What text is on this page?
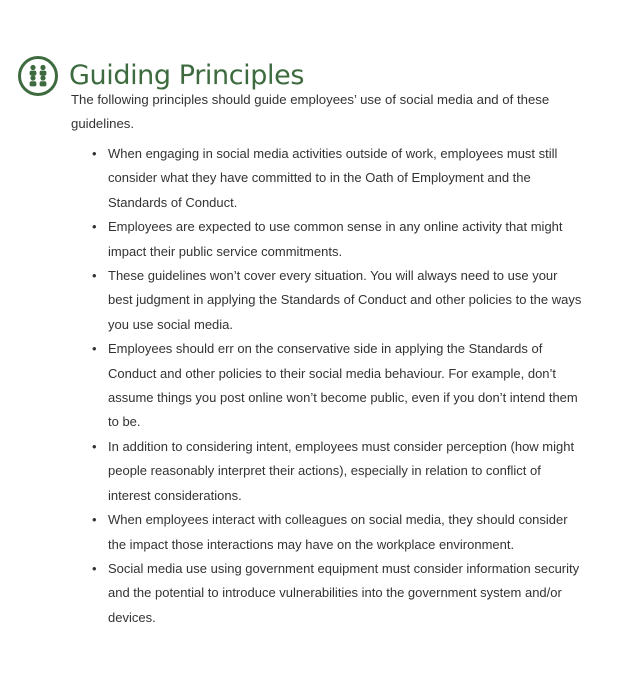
Guiding Principles

The following principles should guide employees’ use of social media and of these guidelines.

• When engaging in social media activities outside of work, employees must still consider what they have committed to in the Oath of Employment and the Standards of Conduct.
• Employees are expected to use common sense in any online activity that might impact their public service commitments.
• These guidelines won’t cover every situation. You will always need to use your best judgment in applying the Standards of Conduct and other policies to the ways you use social media.
• Employees should err on the conservative side in applying the Standards of Conduct and other policies to their social media behaviour. For example, don’t assume things you post online won’t become public, even if you don’t intend them to be.
• In addition to considering intent, employees must consider perception (how might people reasonably interpret their actions), especially in relation to conflict of interest considerations.
• When employees interact with colleagues on social media, they should consider the impact those interactions may have on the workplace environment.
• Social media use using government equipment must consider information security and the potential to introduce vulnerabilities into the government system and/or devices.
